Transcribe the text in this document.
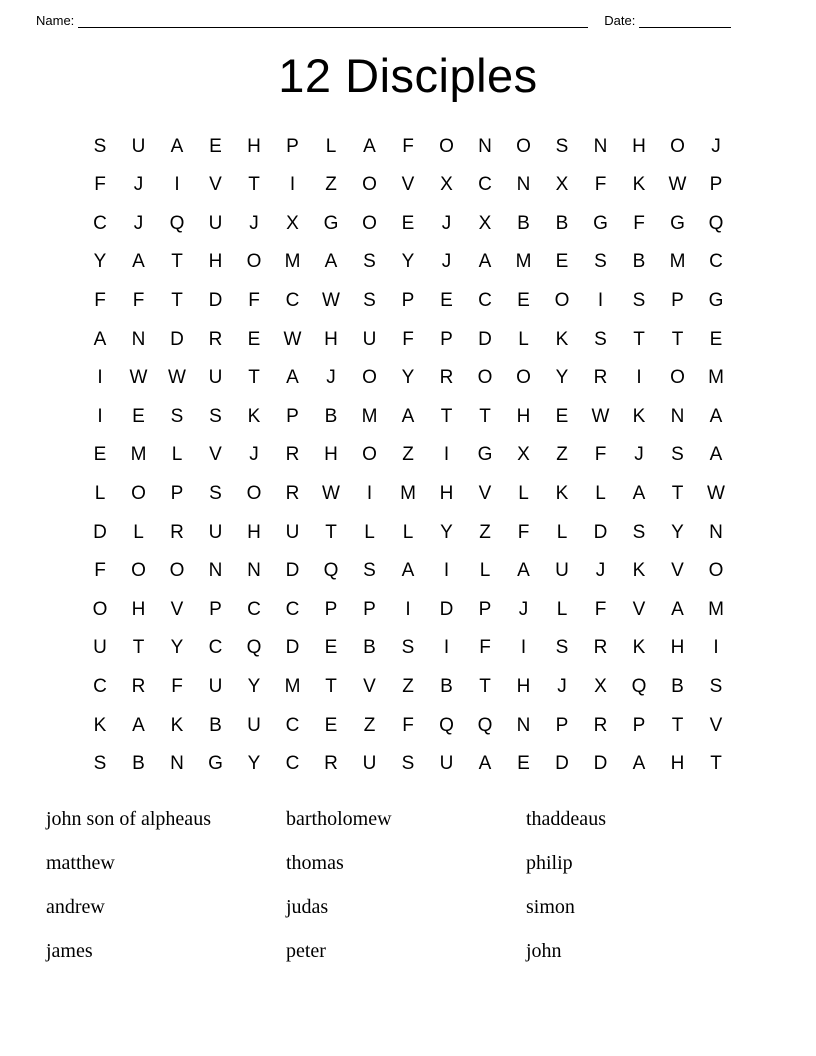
Name:	Date:
12 Disciples
S	U	A	E	H	P	L	A	F	O	N	O	S	N	H	O	J
F	J	I	V	T	I	Z	O	V	X	C	N	X	F	K	W	P
C	J	Q	U	J	X	G	O	E	J	X	B	B	G	F	G	Q
Y	A	T	H	O	M	A	S	Y	J	A	M	E	S	B	M	C
F	F	T	D	F	C	W	S	P	E	C	E	O	I	S	P	G
A	N	D	R	E	W	H	U	F	P	D	L	K	S	T	T	E
I	W	W	U	T	A	J	O	Y	R	O	O	Y	R	I	O	M
I	E	S	S	K	P	B	M	A	T	T	H	E	W	K	N	A
E	M	L	V	J	R	H	O	Z	I	G	X	Z	F	J	S	A
L	O	P	S	O	R	W	I	M	H	V	L	K	L	A	T	W
D	L	R	U	H	U	T	L	L	Y	Z	F	L	D	S	Y	N
F	O	O	N	N	D	Q	S	A	I	L	A	U	J	K	V	O
O	H	V	P	C	C	P	P	I	D	P	J	L	F	V	A	M
U	T	Y	C	Q	D	E	B	S	I	F	I	S	R	K	H	I
C	R	F	U	Y	M	T	V	Z	B	T	H	J	X	Q	B	S
K	A	K	B	U	C	E	Z	F	Q	Q	N	P	R	P	T	V
S	B	N	G	Y	C	R	U	S	U	A	E	D	D	A	H	T
john son of alpheaus	bartholomew	thaddeaus
matthew	thomas	philip
andrew	judas	simon
james	peter	john
